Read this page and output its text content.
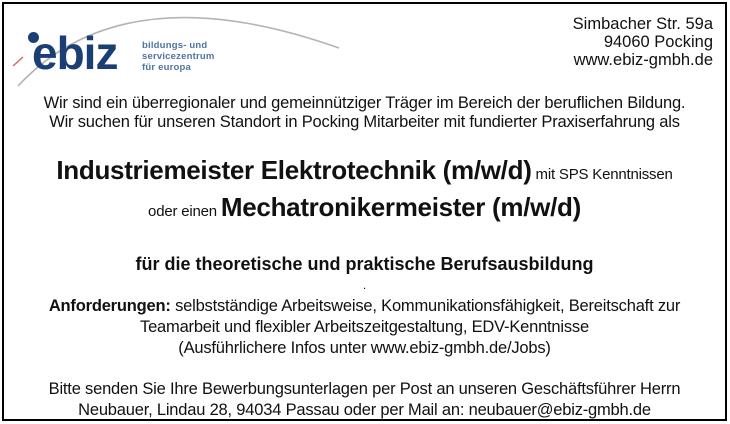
ebiz	bildungs- und
servicezentrum
für europa
Simbacher Str. 59a
94060 Pocking
www.ebiz-gmbh.de
Wir sind ein überregionaler und gemeinnütziger Träger im Bereich der beruflichen Bildung.
Wir suchen für unseren Standort in Pocking Mitarbeiter mit fundierter Praxiserfahrung als
Industriemeister Elektrotechnik (m/w/d) mit SPS Kenntnissen
oder einen Mechatronikermeister (m/w/d)
für die theoretische und praktische Berufsausbildung
.
Anforderungen: selbstständige Arbeitsweise, Kommunikationsfähigkeit, Bereitschaft zur
Teamarbeit und flexibler Arbeitszeitgestaltung, EDV-Kenntnisse
(Ausführlichere Infos unter www.ebiz-gmbh.de/Jobs)
Bitte senden Sie Ihre Bewerbungsunterlagen per Post an unseren Geschäftsführer Herrn
Neubauer, Lindau 28, 94034 Passau oder per Mail an: neubauer@ebiz-gmbh.de
